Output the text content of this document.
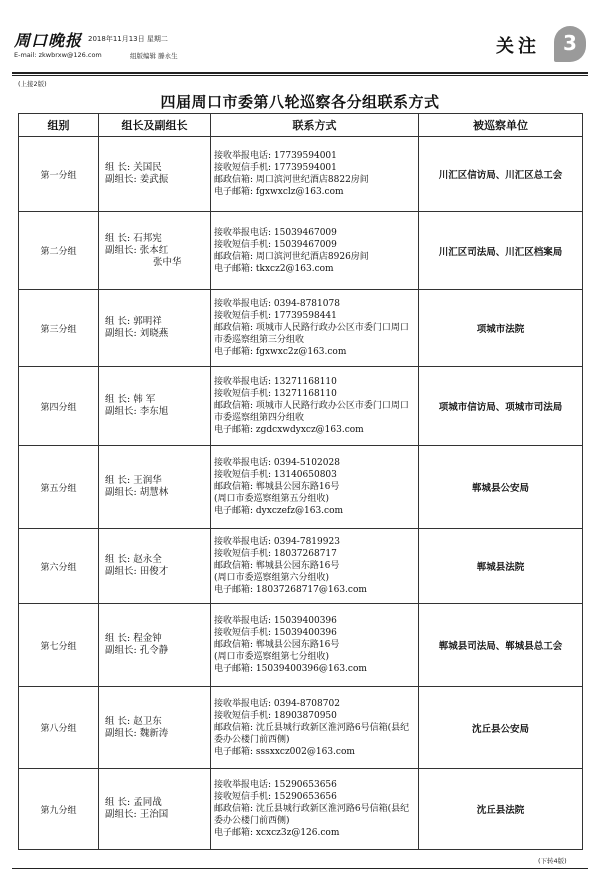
周口晚报 2018年11月13日 星期二
E-mail: zkwbrxw@126.com	组版编辑 滕永生	关注	3
(上接2版)
四届周口市委第八轮巡察各分组联系方式
组别	组长及副组长	联系方式	被巡察单位
第一分组	组 长: 关国民
副组长: 姜武振	接收举报电话: 17739594001
接收短信手机: 17739594001
邮政信箱: 周口滨河世纪酒店8822房间
电子邮箱: fgxwxclz@163.com	川汇区信访局、川汇区总工会
第二分组	组 长: 石邦宪
副组长: 张本红
张中华	接收举报电话: 15039467009
接收短信手机: 15039467009
邮政信箱: 周口滨河世纪酒店8926房间
电子邮箱: tkxcz2@163.com	川汇区司法局、川汇区档案局
第三分组	组 长: 郭明祥
副组长: 刘晓燕	接收举报电话: 0394-8781078
接收短信手机: 17739598441
邮政信箱: 项城市人民路行政办公区市委门口周口市委巡察组第三分组收
电子邮箱: fgxwxc2z@163.com	项城市法院
第四分组	组 长: 韩 军
副组长: 李东旭	接收举报电话: 13271168110
接收短信手机: 13271168110
邮政信箱: 项城市人民路行政办公区市委门口周口市委巡察组第四分组收
电子邮箱: zgdcxwdyxcz@163.com	项城市信访局、项城市司法局
第五分组	组 长: 王润华
副组长: 胡慧林	接收举报电话: 0394-5102028
接收短信手机: 13140650803
邮政信箱: 郸城县公园东路16号
(周口市委巡察组第五分组收)
电子邮箱: dyxczefz@163.com	郸城县公安局
第六分组	组 长: 赵永全
副组长: 田俊才	接收举报电话: 0394-7819923
接收短信手机: 18037268717
邮政信箱: 郸城县公园东路16号
(周口市委巡察组第六分组收)
电子邮箱: 18037268717@163.com	郸城县法院
第七分组	组 长: 程金钟
副组长: 孔令静	接收举报电话: 15039400396
接收短信手机: 15039400396
邮政信箱: 郸城县公园东路16号
(周口市委巡察组第七分组收)
电子邮箱: 15039400396@163.com	郸城县司法局、郸城县总工会
第八分组	组 长: 赵卫东
副组长: 魏新涛	接收举报电话: 0394-8708702
接收短信手机: 18903870950
邮政信箱: 沈丘县城行政新区淮河路6号信箱(县纪委办公楼门前西侧)
电子邮箱: sssxxcz002@163.com	沈丘县公安局
第九分组	组 长: 孟同战
副组长: 王治国	接收举报电话: 15290653656
接收短信手机: 15290653656
邮政信箱: 沈丘县城行政新区淮河路6号信箱(县纪委办公楼门前西侧)
电子邮箱: xcxcz3z@126.com	沈丘县法院
(下转4版)
